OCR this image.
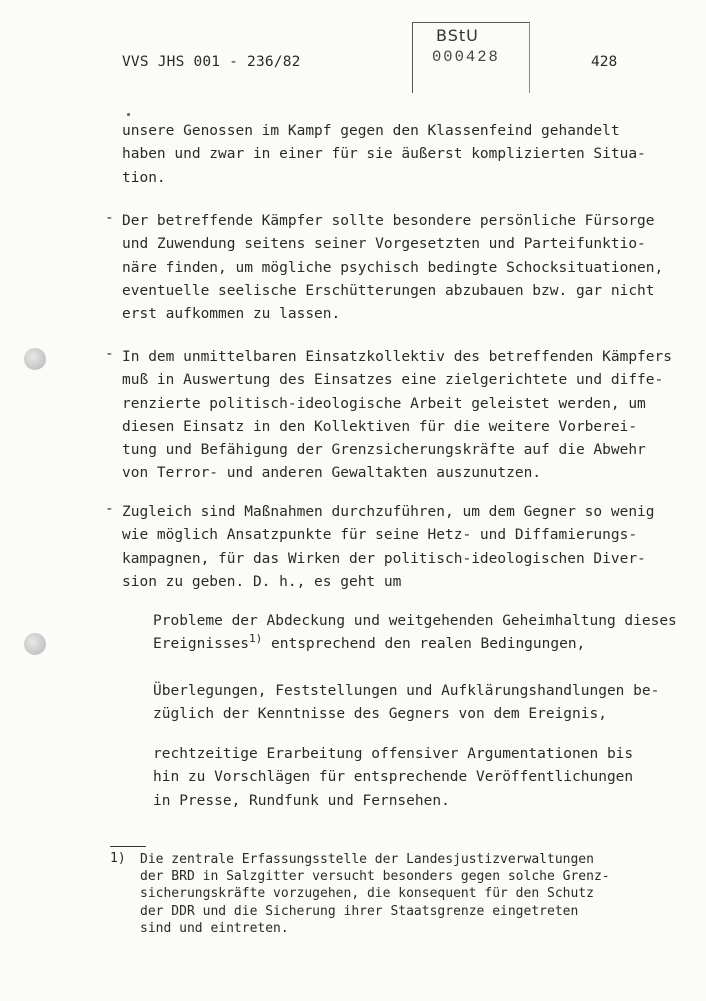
VVS JHS 001 - 236/82	428
BStU
000428
unsere Genossen im Kampf gegen den Klassenfeind gehandelt
haben und zwar in einer für sie äußerst komplizierten Situa-
tion.
- Der betreffende Kämpfer sollte besondere persönliche Fürsorge
und Zuwendung seitens seiner Vorgesetzten und Parteifunktio-
näre finden, um mögliche psychisch bedingte Schocksituationen,
eventuelle seelische Erschütterungen abzubauen bzw. gar nicht
erst aufkommen zu lassen.
- In dem unmittelbaren Einsatzkollektiv des betreffenden Kämpfers
muß in Auswertung des Einsatzes eine zielgerichtete und diffe-
renzierte politisch-ideologische Arbeit geleistet werden, um
diesen Einsatz in den Kollektiven für die weitere Vorberei-
tung und Befähigung der Grenzsicherungskräfte auf die Abwehr
von Terror- und anderen Gewaltakten auszunutzen.
- Zugleich sind Maßnahmen durchzuführen, um dem Gegner so wenig
wie möglich Ansatzpunkte für seine Hetz- und Diffamierungs-
kampagnen, für das Wirken der politisch-ideologischen Diver-
sion zu geben. D. h., es geht um
Probleme der Abdeckung und weitgehenden Geheimhaltung dieses
Ereignisses$^{1)}$ entsprechend den realen Bedingungen,
Überlegungen, Feststellungen und Aufklärungshandlungen be-
züglich der Kenntnisse des Gegners von dem Ereignis,
rechtzeitige Erarbeitung offensiver Argumentationen bis
hin zu Vorschlägen für entsprechende Veröffentlichungen
in Presse, Rundfunk und Fernsehen.
1) Die zentrale Erfassungsstelle der Landesjustizverwaltungen
der BRD in Salzgitter versucht besonders gegen solche Grenz-
sicherungskräfte vorzugehen, die konsequent für den Schutz
der DDR und die Sicherung ihrer Staatsgrenze eingetreten
sind und eintreten.
